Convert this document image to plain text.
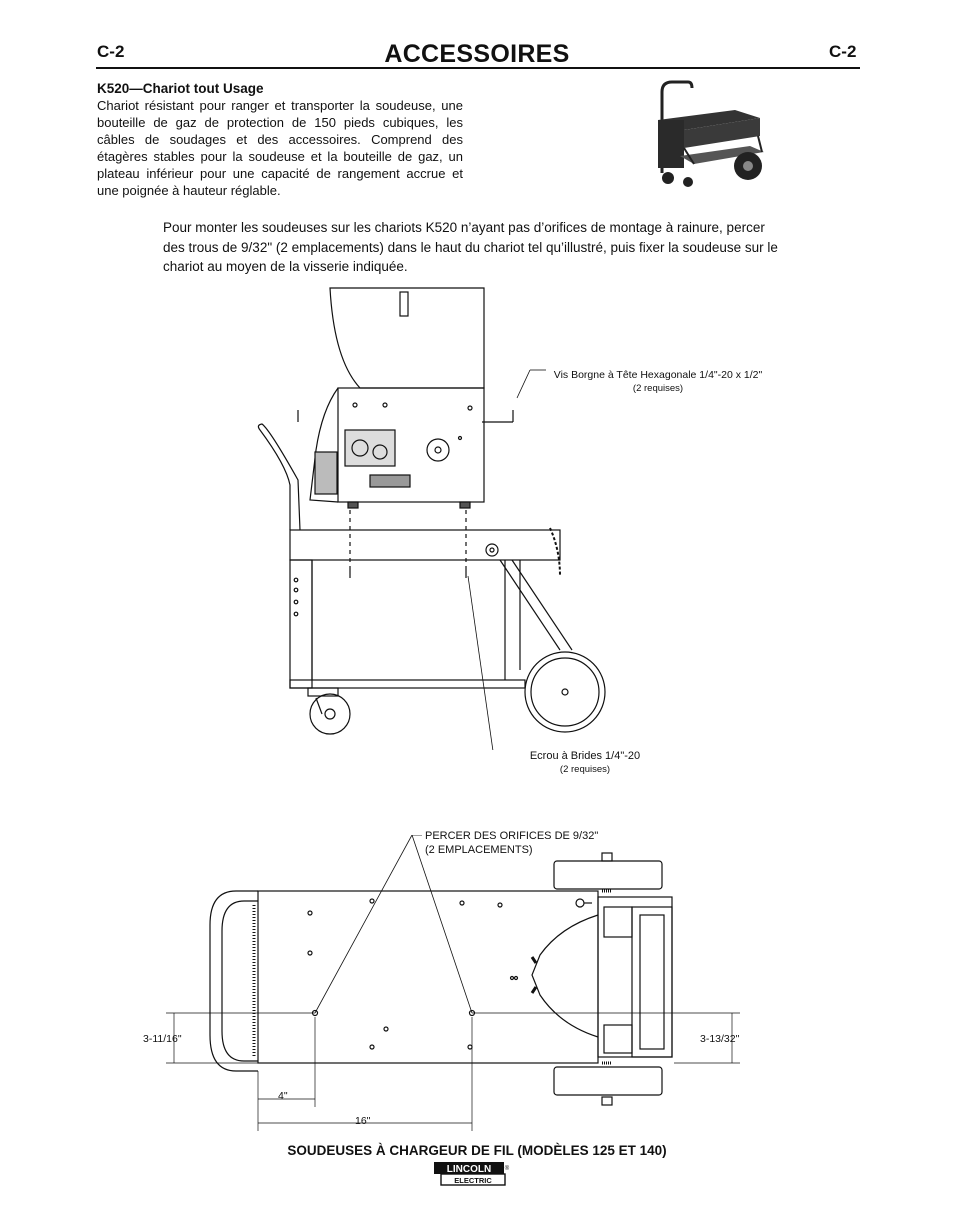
C-2	ACCESSOIRES	C-2
K520—Chariot tout Usage
Chariot résistant pour ranger et transporter la soudeuse, une bouteille de gaz de protection de 150 pieds cubiques, les câbles de soudages et des accessoires. Comprend des étagères stables pour la soudeuse et la bouteille de gaz, un plateau inférieur pour une capacité de rangement accrue et une poignée à hauteur réglable.
Pour monter les soudeuses sur les chariots K520 n’ayant pas d’orifices de montage à rainure, percer des trous de 9/32" (2 emplacements) dans le haut du chariot tel qu’illustré, puis fixer la soudeuse sur le chariot au moyen de la visserie indiquée.
Vis Borgne à Tête Hexagonale 1/4"-20 x 1/2"
(2 requises)
Ecrou à Brides 1/4"-20
(2 requises)
PERCER DES ORIFICES DE 9/32"
(2 EMPLACEMENTS)
3-11/16"	3-13/32"
4"
16"
SOUDEUSES À CHARGEUR DE FIL (MODÈLES 125 ET 140)
LINCOLN
ELECTRIC
®
